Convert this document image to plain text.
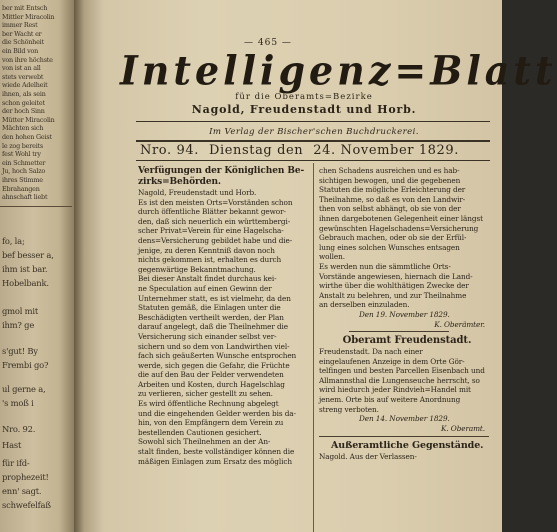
ber mit Entsch
Mittler Miracolin
immer Rest
ber Wacht er
die Schönheit
ein Bild von
von ihre höchste
von ist an all
stets verwebt
wiede Adelheit
ihnen, als sein
schon geleitet
der hoch Sinn
Mütter Miracolin
Mächten sich
den hohen Geist
le zog bereits
fest Wohl try
ein Schmetter
Ju, hoch Salzo
ihres Stimme
Ebrahangen
ahnschaft liebt
fo, la;
bef besser a,
ihm ist bar.
Hobelbank.
gmol mit
ihm? ge
s'gut! By
Frembi go?
ul gerne a,
's moß i
Nro. 92.
Hast
für ifd-
prophezeit!
enn' sagt.
schwefelfaß
— 465 —
Intelligenz=Blatt
für die Oberamts=Bezirke
Nagold, Freudenstadt und Horb.
Im Verlag der Bischer'schen Buchdruckerei.
Nro. 94. Dienstag den 24. November 1829.
Verfügungen der Königlichen Be-
zirks=Behörden.
Nagold, Freudenstadt und Horb.
Es ist den meisten Orts=Vorständen schon
durch öffentliche Blätter bekannt gewor-
den, daß sich neuerlich ein württembergi-
scher Privat=Verein für eine Hagelscha-
dens=Versicherung gebildet habe und die-
jenige, zu deren Kenntniß davon noch
nichts gekommen ist, erhalten es durch
gegenwärtige Bekanntmachung.
Bei dieser Anstalt findet durchaus kei-
ne Speculation auf einen Gewinn der
Unternehmer statt, es ist vielmehr, da den
Statuten gemäß, die Einlagen unter die
Beschädigten vertheilt werden, der Plan
darauf angelegt, daß die Theilnehmer die
Versicherung sich einander selbst ver-
sichern und so dem von Landwirthen viel-
fach sich geäußerten Wunsche entsprochen
werde, sich gegen die Gefahr, die Früchte
die auf den Bau der Felder verwendeten
Arbeiten und Kosten, durch Hagelschlag
zu verlieren, sicher gestellt zu sehen.
Es wird öffentliche Rechnung abgelegt
und die eingehenden Gelder werden bis da-
hin, von den Empfängern dem Verein zu
bestellenden Cautionen gesichert.
Sowohl sich Theilnehmen an der An-
stalt finden, beste vollständiger können die
mäßigen Einlagen zum Ersatz des möglich
chen Schadens ausreichen und es hab-
sichtigen bewogen, und die gegebenen
Statuten die mögliche Erleichterung der
Theilnahme, so daß es von den Landwir-
then von selbst abhängt, ob sie von der
ihnen dargebotenen Gelegenheit einer längst
gewünschten Hagelschadens=Versicherung
Gebrauch machen, oder ob sie der Erfül-
lung eines solchen Wunsches entsagen
wollen.
Es werden nun die sämmtliche Orts-
Vorstände angewiesen, hiernach die Land-
wirthe über die wohlthätigen Zwecke der
Anstalt zu belehren, und zur Theilnahme
an derselben einzuladen.
Den 19. November 1829.
K. Oberämter.
Oberamt Freudenstadt.
Freudenstadt. Da nach einer
eingelaufenen Anzeige in dem Orte Gör-
telfingen und besten Parcellen Eisenbach und
Allmannsthal die Lungenseuche herrscht, so
wird hiedurch jeder Rindvieh=Handel mit
jenem. Orte bis auf weitere Anordnung
streng verboten.
Den 14. November 1829.
K. Oberamt.
Außeramtliche Gegenstände.
Nagold. Aus der Verlassen-
